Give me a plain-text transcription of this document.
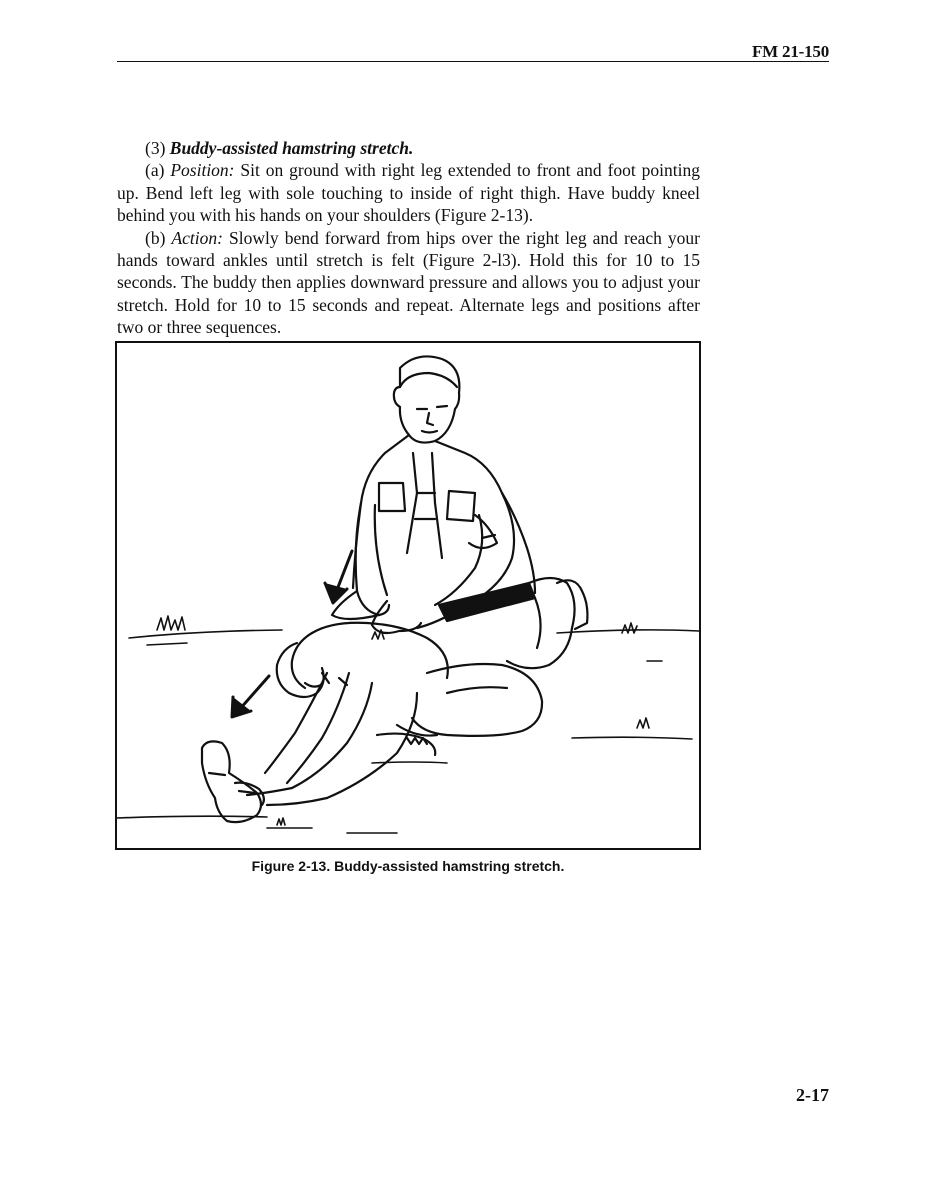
FM 21-150

(3) Buddy-assisted hamstring stretch.

(a) Position: Sit on ground with right leg extended to front and foot pointing up. Bend left leg with sole touching to inside of right thigh. Have buddy kneel behind you with his hands on your shoulders (Figure 2-13).

(b) Action: Slowly bend forward from hips over the right leg and reach your hands toward ankles until stretch is felt (Figure 2-l3). Hold this for 10 to 15 seconds. The buddy then applies downward pressure and allows you to adjust your stretch. Hold for 10 to 15 seconds and repeat. Alternate legs and positions after two or three sequences.

Figure 2-13. Buddy-assisted hamstring stretch.
2-17
